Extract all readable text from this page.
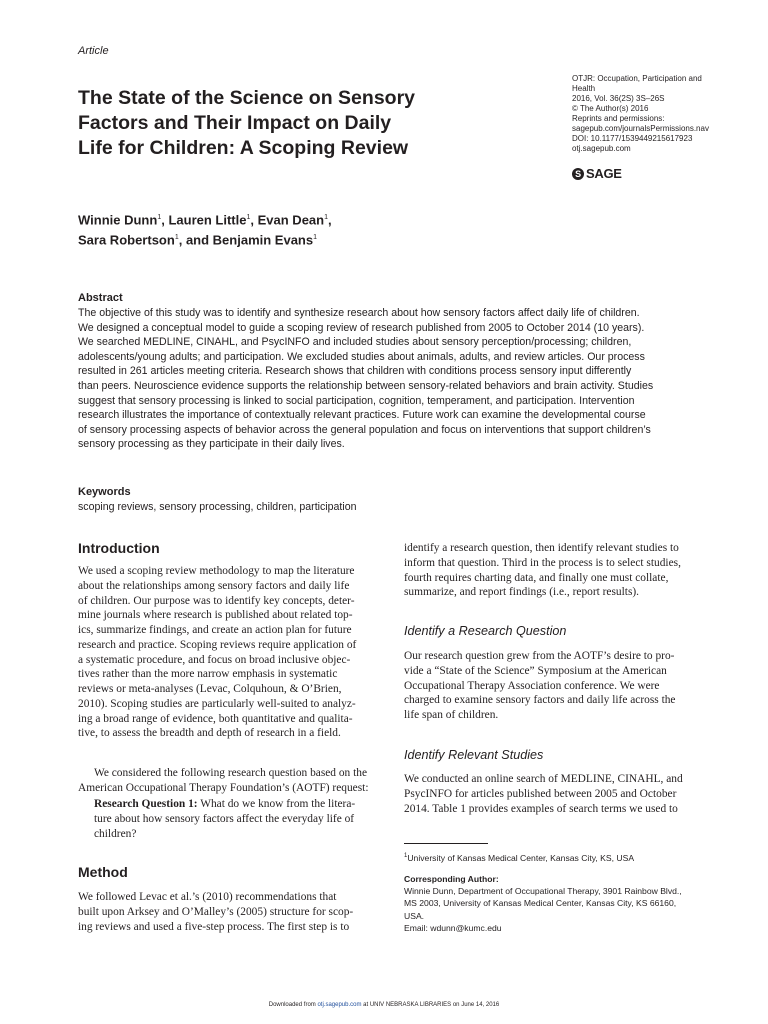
Article
The State of the Science on Sensory
Factors and Their Impact on Daily
Life for Children: A Scoping Review
OTJR: Occupation, Participation and
Health
2016, Vol. 36(2S) 3S–26S
© The Author(s) 2016
Reprints and permissions:
sagepub.com/journalsPermissions.nav
DOI: 10.1177/1539449215617923
otj.sagepub.com
S SAGE
Winnie Dunn$^1$, Lauren Little$^1$, Evan Dean$^1$,
Sara Robertson$^1$, and Benjamin Evans$^1$
Abstract
The objective of this study was to identify and synthesize research about how sensory factors affect daily life of children.
We designed a conceptual model to guide a scoping review of research published from 2005 to October 2014 (10 years).
We searched MEDLINE, CINAHL, and PsycINFO and included studies about sensory perception/processing; children,
adolescents/young adults; and participation. We excluded studies about animals, adults, and review articles. Our process
resulted in 261 articles meeting criteria. Research shows that children with conditions process sensory input differently
than peers. Neuroscience evidence supports the relationship between sensory-related behaviors and brain activity. Studies
suggest that sensory processing is linked to social participation, cognition, temperament, and participation. Intervention
research illustrates the importance of contextually relevant practices. Future work can examine the developmental course
of sensory processing aspects of behavior across the general population and focus on interventions that support children’s
sensory processing as they participate in their daily lives.
Keywords
scoping reviews, sensory processing, children, participation
Introduction
We used a scoping review methodology to map the literature
about the relationships among sensory factors and daily life
of children. Our purpose was to identify key concepts, deter-
mine journals where research is published about related top-
ics, summarize findings, and create an action plan for future
research and practice. Scoping reviews require application of
a systematic procedure, and focus on broad inclusive objec-
tives rather than the more narrow emphasis in systematic
reviews or meta-analyses (Levac, Colquhoun, & O’Brien,
2010). Scoping studies are particularly well-suited to analyz-
ing a broad range of evidence, both quantitative and qualita-
tive, to assess the breadth and depth of research in a field.
We considered the following research question based on the
American Occupational Therapy Foundation’s (AOTF) request:
Research Question 1: What do we know from the litera-
ture about how sensory factors affect the everyday life of
children?
Method
We followed Levac et al.’s (2010) recommendations that
built upon Arksey and O’Malley’s (2005) structure for scop-
ing reviews and used a five-step process. The first step is to
identify a research question, then identify relevant studies to
inform that question. Third in the process is to select studies,
fourth requires charting data, and finally one must collate,
summarize, and report findings (i.e., report results).
Identify a Research Question
Our research question grew from the AOTF’s desire to pro-
vide a “State of the Science” Symposium at the American
Occupational Therapy Association conference. We were
charged to examine sensory factors and daily life across the
life span of children.
Identify Relevant Studies
We conducted an online search of MEDLINE, CINAHL, and
PsycINFO for articles published between 2005 and October
2014. Table 1 provides examples of search terms we used to
$^1$University of Kansas Medical Center, Kansas City, KS, USA
Corresponding Author:
Winnie Dunn, Department of Occupational Therapy, 3901 Rainbow Blvd.,
MS 2003, University of Kansas Medical Center, Kansas City, KS 66160,
USA.
Email: wdunn@kumc.edu
Downloaded from otj.sagepub.com at UNIV NEBRASKA LIBRARIES on June 14, 2016
